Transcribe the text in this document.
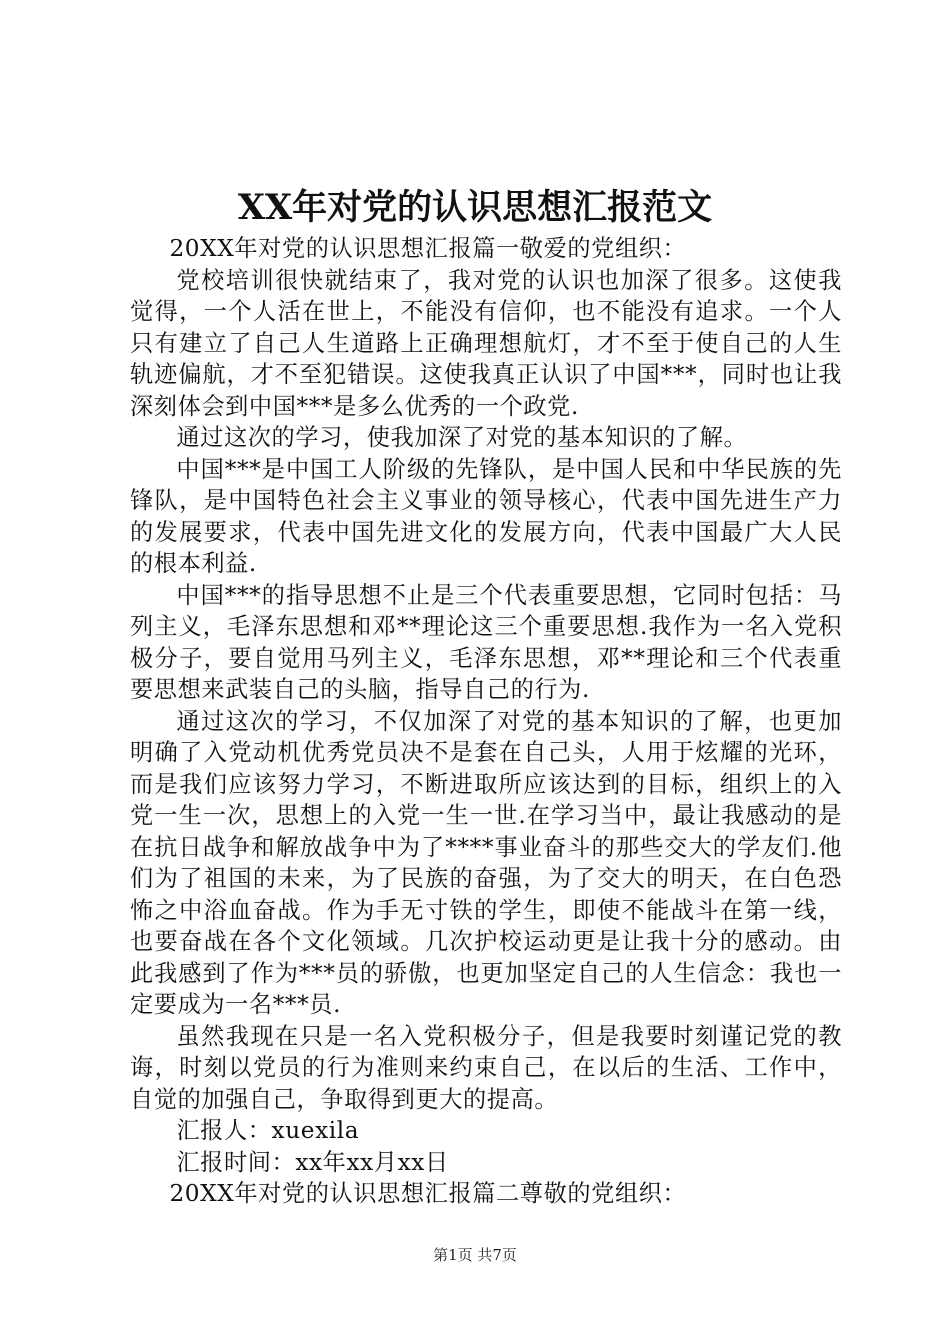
XX年对党的认识思想汇报范文

20XX年对党的认识思想汇报篇一敬爱的党组织：

党校培训很快就结束了，我对党的认识也加深了很多。这使我觉得，一个人活在世上，不能没有信仰，也不能没有追求。一个人只有建立了自己人生道路上正确理想航灯，才不至于使自己的人生轨迹偏航，才不至犯错误。这使我真正认识了中国***，同时也让我深刻体会到中国***是多么优秀的一个政党.

通过这次的学习，使我加深了对党的基本知识的了解。

中国***是中国工人阶级的先锋队，是中国人民和中华民族的先锋队，是中国特色社会主义事业的领导核心，代表中国先进生产力的发展要求，代表中国先进文化的发展方向，代表中国最广大人民的根本利益.

中国***的指导思想不止是三个代表重要思想，它同时包括：马列主义，毛泽东思想和邓**理论这三个重要思想.我作为一名入党积极分子，要自觉用马列主义，毛泽东思想，邓**理论和三个代表重要思想来武装自己的头脑，指导自己的行为.

通过这次的学习，不仅加深了对党的基本知识的了解，也更加明确了入党动机优秀党员决不是套在自己头，人用于炫耀的光环，而是我们应该努力学习，不断进取所应该达到的目标，组织上的入党一生一次，思想上的入党一生一世.在学习当中，最让我感动的是在抗日战争和解放战争中为了****事业奋斗的那些交大的学友们.他们为了祖国的未来，为了民族的奋强，为了交大的明天，在白色恐怖之中浴血奋战。作为手无寸铁的学生，即使不能战斗在第一线，也要奋战在各个文化领域。几次护校运动更是让我十分的感动。由此我感到了作为***员的骄傲，也更加坚定自己的人生信念：我也一定要成为一名***员.

虽然我现在只是一名入党积极分子，但是我要时刻谨记党的教诲，时刻以党员的行为准则来约束自己，在以后的生活、工作中，自觉的加强自己，争取得到更大的提高。

汇报人：xuexila

汇报时间：xx年xx月xx日

20XX年对党的认识思想汇报篇二尊敬的党组织：

第1页 共7页
